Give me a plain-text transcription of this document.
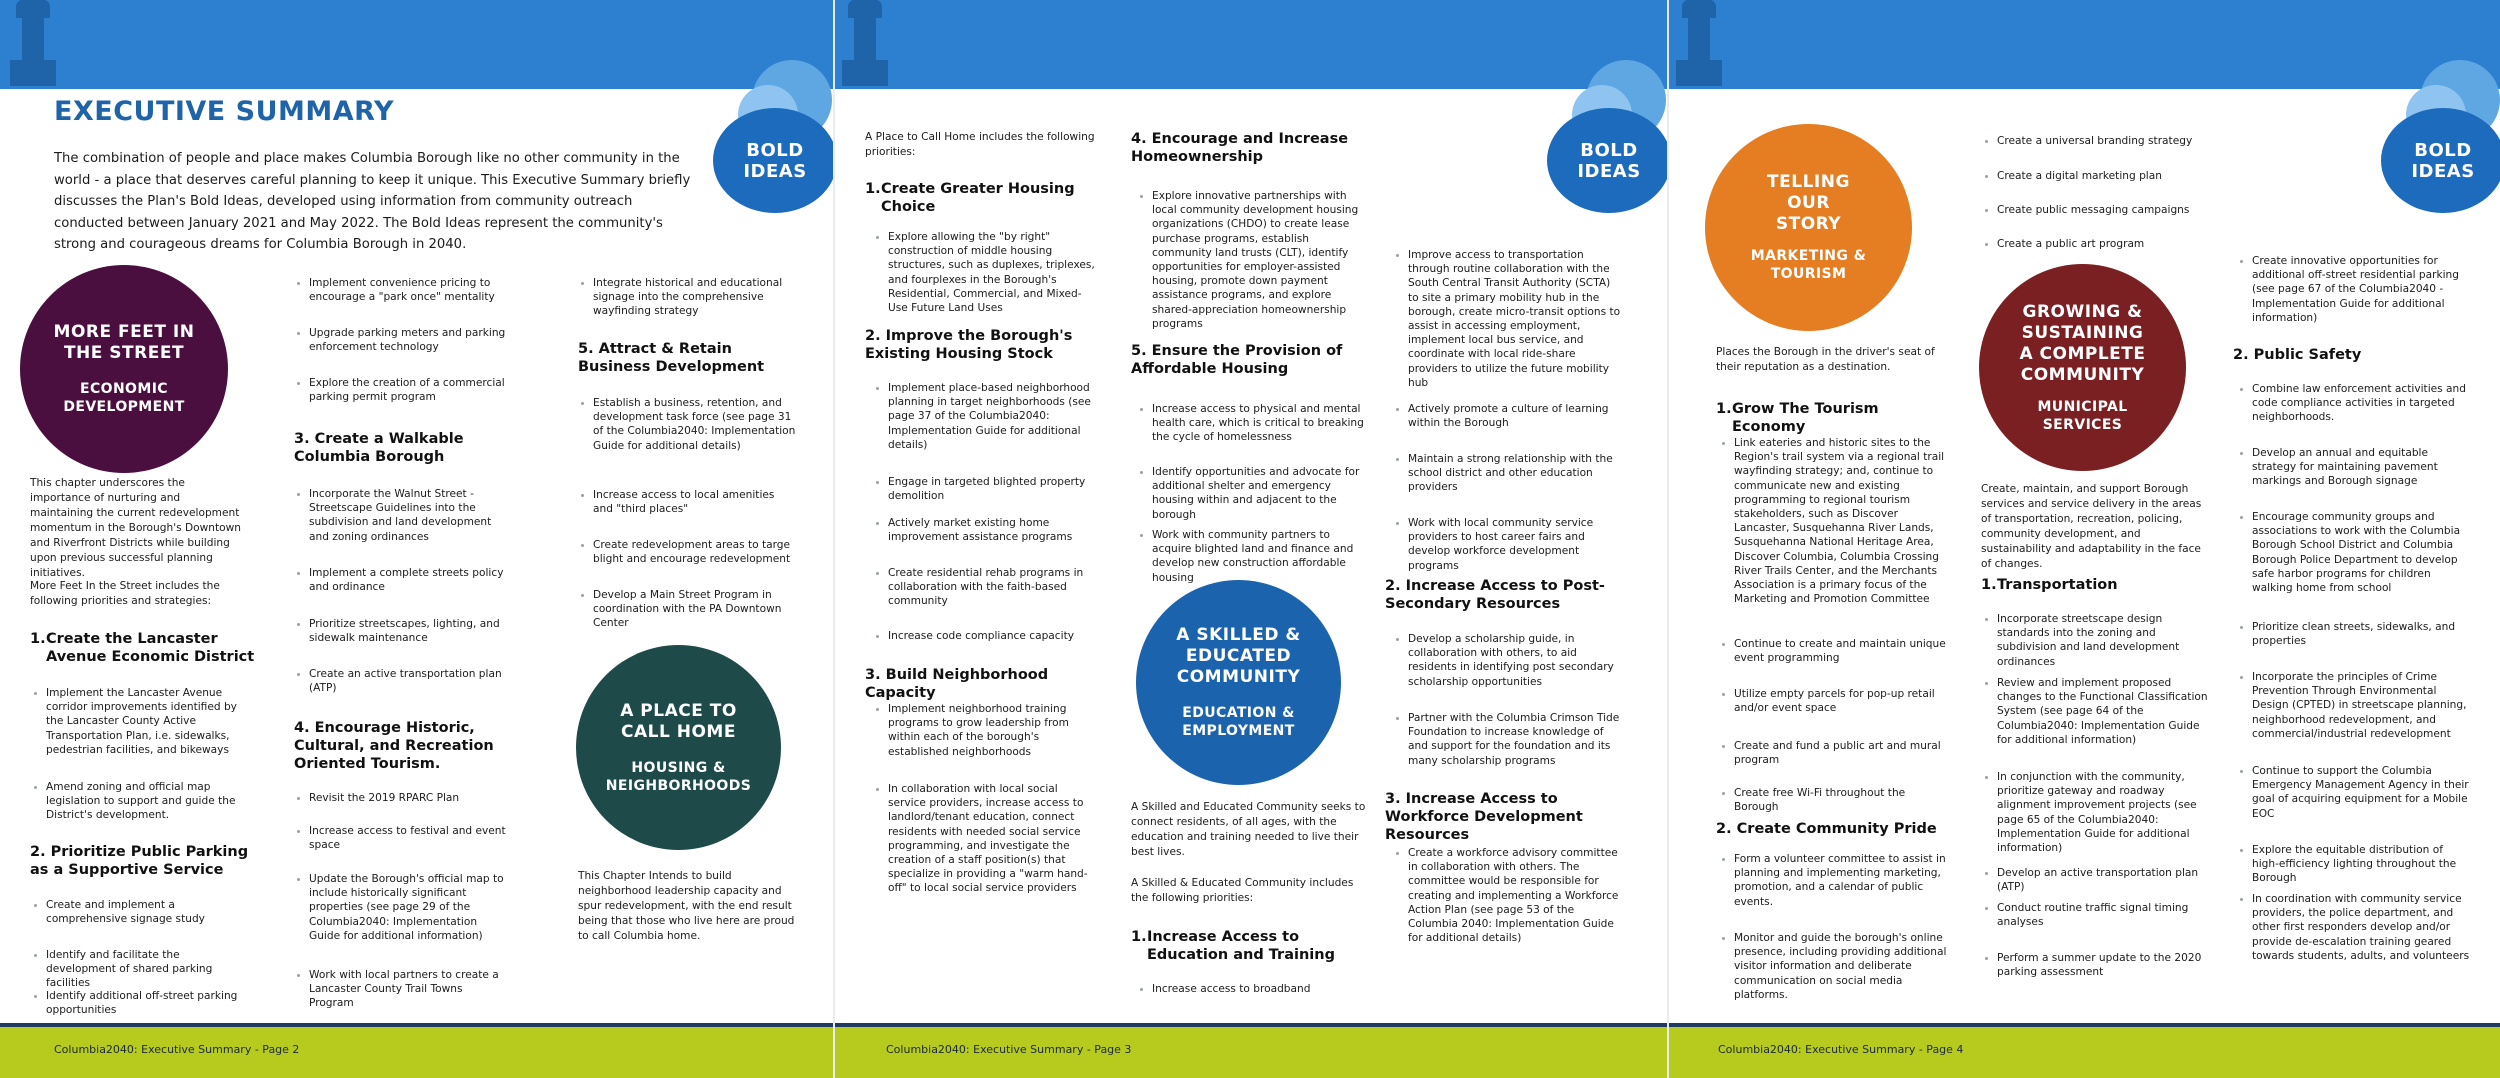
EXECUTIVE SUMMARY
The combination of people and place makes Columbia Borough like no other community in the world - a place that deserves careful planning to keep it unique. This Executive Summary briefly discusses the Plan's Bold Ideas, developed using information from community outreach conducted between January 2021 and May 2022. The Bold Ideas represent the community's strong and courageous dreams for Columbia Borough in 2040.
BOLD IDEAS
MORE FEET IN THE STREET
ECONOMIC DEVELOPMENT
This chapter underscores the importance of nurturing and maintaining the current redevelopment momentum in the Borough's Downtown and Riverfront Districts while building upon previous successful planning initiatives.
More Feet In the Street includes the following priorities and strategies:
1. Create the Lancaster Avenue Economic District
Implement the Lancaster Avenue corridor improvements identified by the Lancaster County Active Transportation Plan, i.e. sidewalks, pedestrian facilities, and bikeways
Amend zoning and official map legislation to support and guide the District's development.
2. Prioritize Public Parking as a Supportive Service
Create and implement a comprehensive signage study
Identify and facilitate the development of shared parking facilities
Identify additional off-street parking opportunities
Implement convenience pricing to encourage a "park once" mentality
Upgrade parking meters and parking enforcement technology
Explore the creation of a commercial parking permit program
3. Create a Walkable Columbia Borough
Incorporate the Walnut Street - Streetscape Guidelines into the subdivision and land development and zoning ordinances
Implement a complete streets policy and ordinance
Prioritize streetscapes, lighting, and sidewalk maintenance
Create an active transportation plan (ATP)
4. Encourage Historic, Cultural, and Recreation Oriented Tourism.
Revisit the 2019 RPARC Plan
Increase access to festival and event space
Update the Borough's official map to include historically significant properties (see page 29 of the Columbia2040: Implementation Guide for additional information)
Work with local partners to create a Lancaster County Trail Towns Program
Integrate historical and educational signage into the comprehensive wayfinding strategy
5. Attract & Retain Business Development
Establish a business, retention, and development task force (see page 31 of the Columbia2040: Implementation Guide for additional details)
Increase access to local amenities and "third places"
Create redevelopment areas to targe blight and encourage redevelopment
Develop a Main Street Program in coordination with the PA Downtown Center
A PLACE TO CALL HOME
HOUSING & NEIGHBORHOODS
This Chapter Intends to build neighborhood leadership capacity and spur redevelopment, with the end result being that those who live here are proud to call Columbia home.
Columbia2040: Executive Summary - Page 2
BOLD IDEAS
A Place to Call Home includes the following priorities:
1. Create Greater Housing Choice
Explore allowing the "by right" construction of middle housing structures, such as duplexes, triplexes, and fourplexes in the Borough's Residential, Commercial, and Mixed-Use Future Land Uses
2. Improve the Borough's Existing Housing Stock
Implement place-based neighborhood planning in target neighborhoods (see page 37 of the Columbia2040: Implementation Guide for additional details)
Engage in targeted blighted property demolition
Actively market existing home improvement assistance programs
Create residential rehab programs in collaboration with the faith-based community
Increase code compliance capacity
3. Build Neighborhood Capacity
Implement neighborhood training programs to grow leadership from within each of the borough's established neighborhoods
In collaboration with local social service providers, increase access to landlord/tenant education, connect residents with needed social service programming, and investigate the creation of a staff position(s) that specialize in providing a "warm hand-off" to local social service providers
4. Encourage and Increase Homeownership
Explore innovative partnerships with local community development housing organizations (CHDO) to create lease purchase programs, establish community land trusts (CLT), identify opportunities for employer-assisted housing, promote down payment assistance programs, and explore shared-appreciation homeownership programs
5. Ensure the Provision of Affordable Housing
Increase access to physical and mental health care, which is critical to breaking the cycle of homelessness
Identify opportunities and advocate for additional shelter and emergency housing within and adjacent to the borough
Work with community partners to acquire blighted land and finance and develop new construction affordable housing
A SKILLED & EDUCATED COMMUNITY
EDUCATION & EMPLOYMENT
A Skilled and Educated Community seeks to connect residents, of all ages, with the education and training needed to live their best lives.
A Skilled & Educated Community includes the following priorities:
1. Increase Access to Education and Training
Increase access to broadband
Improve access to transportation through routine collaboration with the South Central Transit Authority (SCTA) to site a primary mobility hub in the borough, create micro-transit options to assist in accessing employment, implement local bus service, and coordinate with local ride-share providers to utilize the future mobility hub
Actively promote a culture of learning within the Borough
Maintain a strong relationship with the school district and other education providers
Work with local community service providers to host career fairs and develop workforce development programs
2. Increase Access to Post-Secondary Resources
Develop a scholarship guide, in collaboration with others, to aid residents in identifying post secondary scholarship opportunities
Partner with the Columbia Crimson Tide Foundation to increase knowledge of and support for the foundation and its many scholarship programs
3. Increase Access to Workforce Development Resources
Create a workforce advisory committee in collaboration with others. The committee would be responsible for creating and implementing a Workforce Action Plan (see page 53 of the Columbia 2040: Implementation Guide for additional details)
Columbia2040: Executive Summary - Page 3
BOLD IDEAS
TELLING OUR STORY
MARKETING & TOURISM
Places the Borough in the driver's seat of their reputation as a destination.
1. Grow The Tourism Economy
Link eateries and historic sites to the Region's trail system via a regional trail wayfinding strategy; and, continue to communicate new and existing programming to regional tourism stakeholders, such as Discover Lancaster, Susquehanna River Lands, Susquehanna National Heritage Area, Discover Columbia, Columbia Crossing River Trails Center, and the Merchants Association is a primary focus of the Marketing and Promotion Committee
Continue to create and maintain unique event programming
Utilize empty parcels for pop-up retail and/or event space
Create and fund a public art and mural program
Create free Wi-Fi throughout the Borough
2. Create Community Pride
Form a volunteer committee to assist in planning and implementing marketing, promotion, and a calendar of public events.
Monitor and guide the borough's online presence, including providing additional visitor information and deliberate communication on social media platforms.
Create a universal branding strategy
Create a digital marketing plan
Create public messaging campaigns
Create a public art program
GROWING & SUSTAINING A COMPLETE COMMUNITY
MUNICIPAL SERVICES
Create, maintain, and support Borough services and service delivery in the areas of transportation, recreation, policing, community development, and sustainability and adaptability in the face of changes.
1. Transportation
Incorporate streetscape design standards into the zoning and subdivision and land development ordinances
Review and implement proposed changes to the Functional Classification System (see page 64 of the Columbia2040: Implementation Guide for additional information)
In conjunction with the community, prioritize gateway and roadway alignment improvement projects (see page 65 of the Columbia2040: Implementation Guide for additional information)
Develop an active transportation plan (ATP)
Conduct routine traffic signal timing analyses
Perform a summer update to the 2020 parking assessment
Create innovative opportunities for additional off-street residential parking (see page 67 of the Columbia2040 - Implementation Guide for additional information)
2. Public Safety
Combine law enforcement activities and code compliance activities in targeted neighborhoods.
Develop an annual and equitable strategy for maintaining pavement markings and Borough signage
Encourage community groups and associations to work with the Columbia Borough School District and Columbia Borough Police Department to develop safe harbor programs for children walking home from school
Prioritize clean streets, sidewalks, and properties
Incorporate the principles of Crime Prevention Through Environmental Design (CPTED) in streetscape planning, neighborhood redevelopment, and commercial/industrial redevelopment
Continue to support the Columbia Emergency Management Agency in their goal of acquiring equipment for a Mobile EOC
Explore the equitable distribution of high-efficiency lighting throughout the Borough
In coordination with community service providers, the police department, and other first responders develop and/or provide de-escalation training geared towards students, adults, and volunteers
Columbia2040: Executive Summary - Page 4
